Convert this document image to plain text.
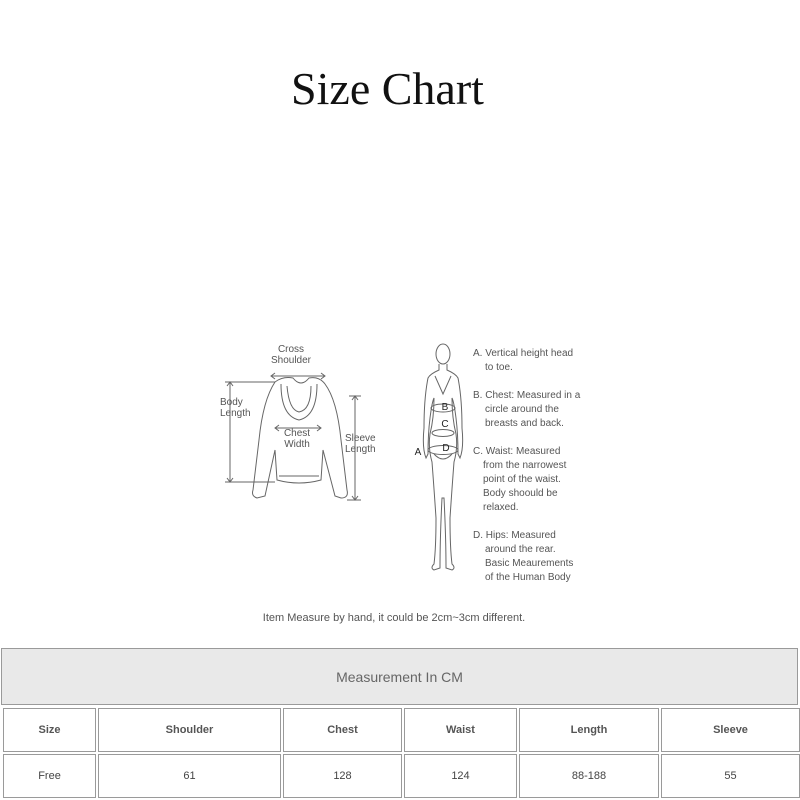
Size Chart
Cross
Shoulder
Body
Length
Chest
Width
Sleeve
Length
B
C
D
A
A. Vertical height head
to toe.
B. Chest: Measured in a
circle around the
breasts and back.
C. Waist: Measured
from the narrowest
point of the waist.
Body shoould be
relaxed.
D. Hips: Measured
around the rear.
Basic Meaurements
of the Human Body
Item Measure by hand, it could be 2cm~3cm different.
Measurement In CM
Size	Shoulder	Chest	Waist	Length	Sleeve
Free	61	128	124	88-188	55
